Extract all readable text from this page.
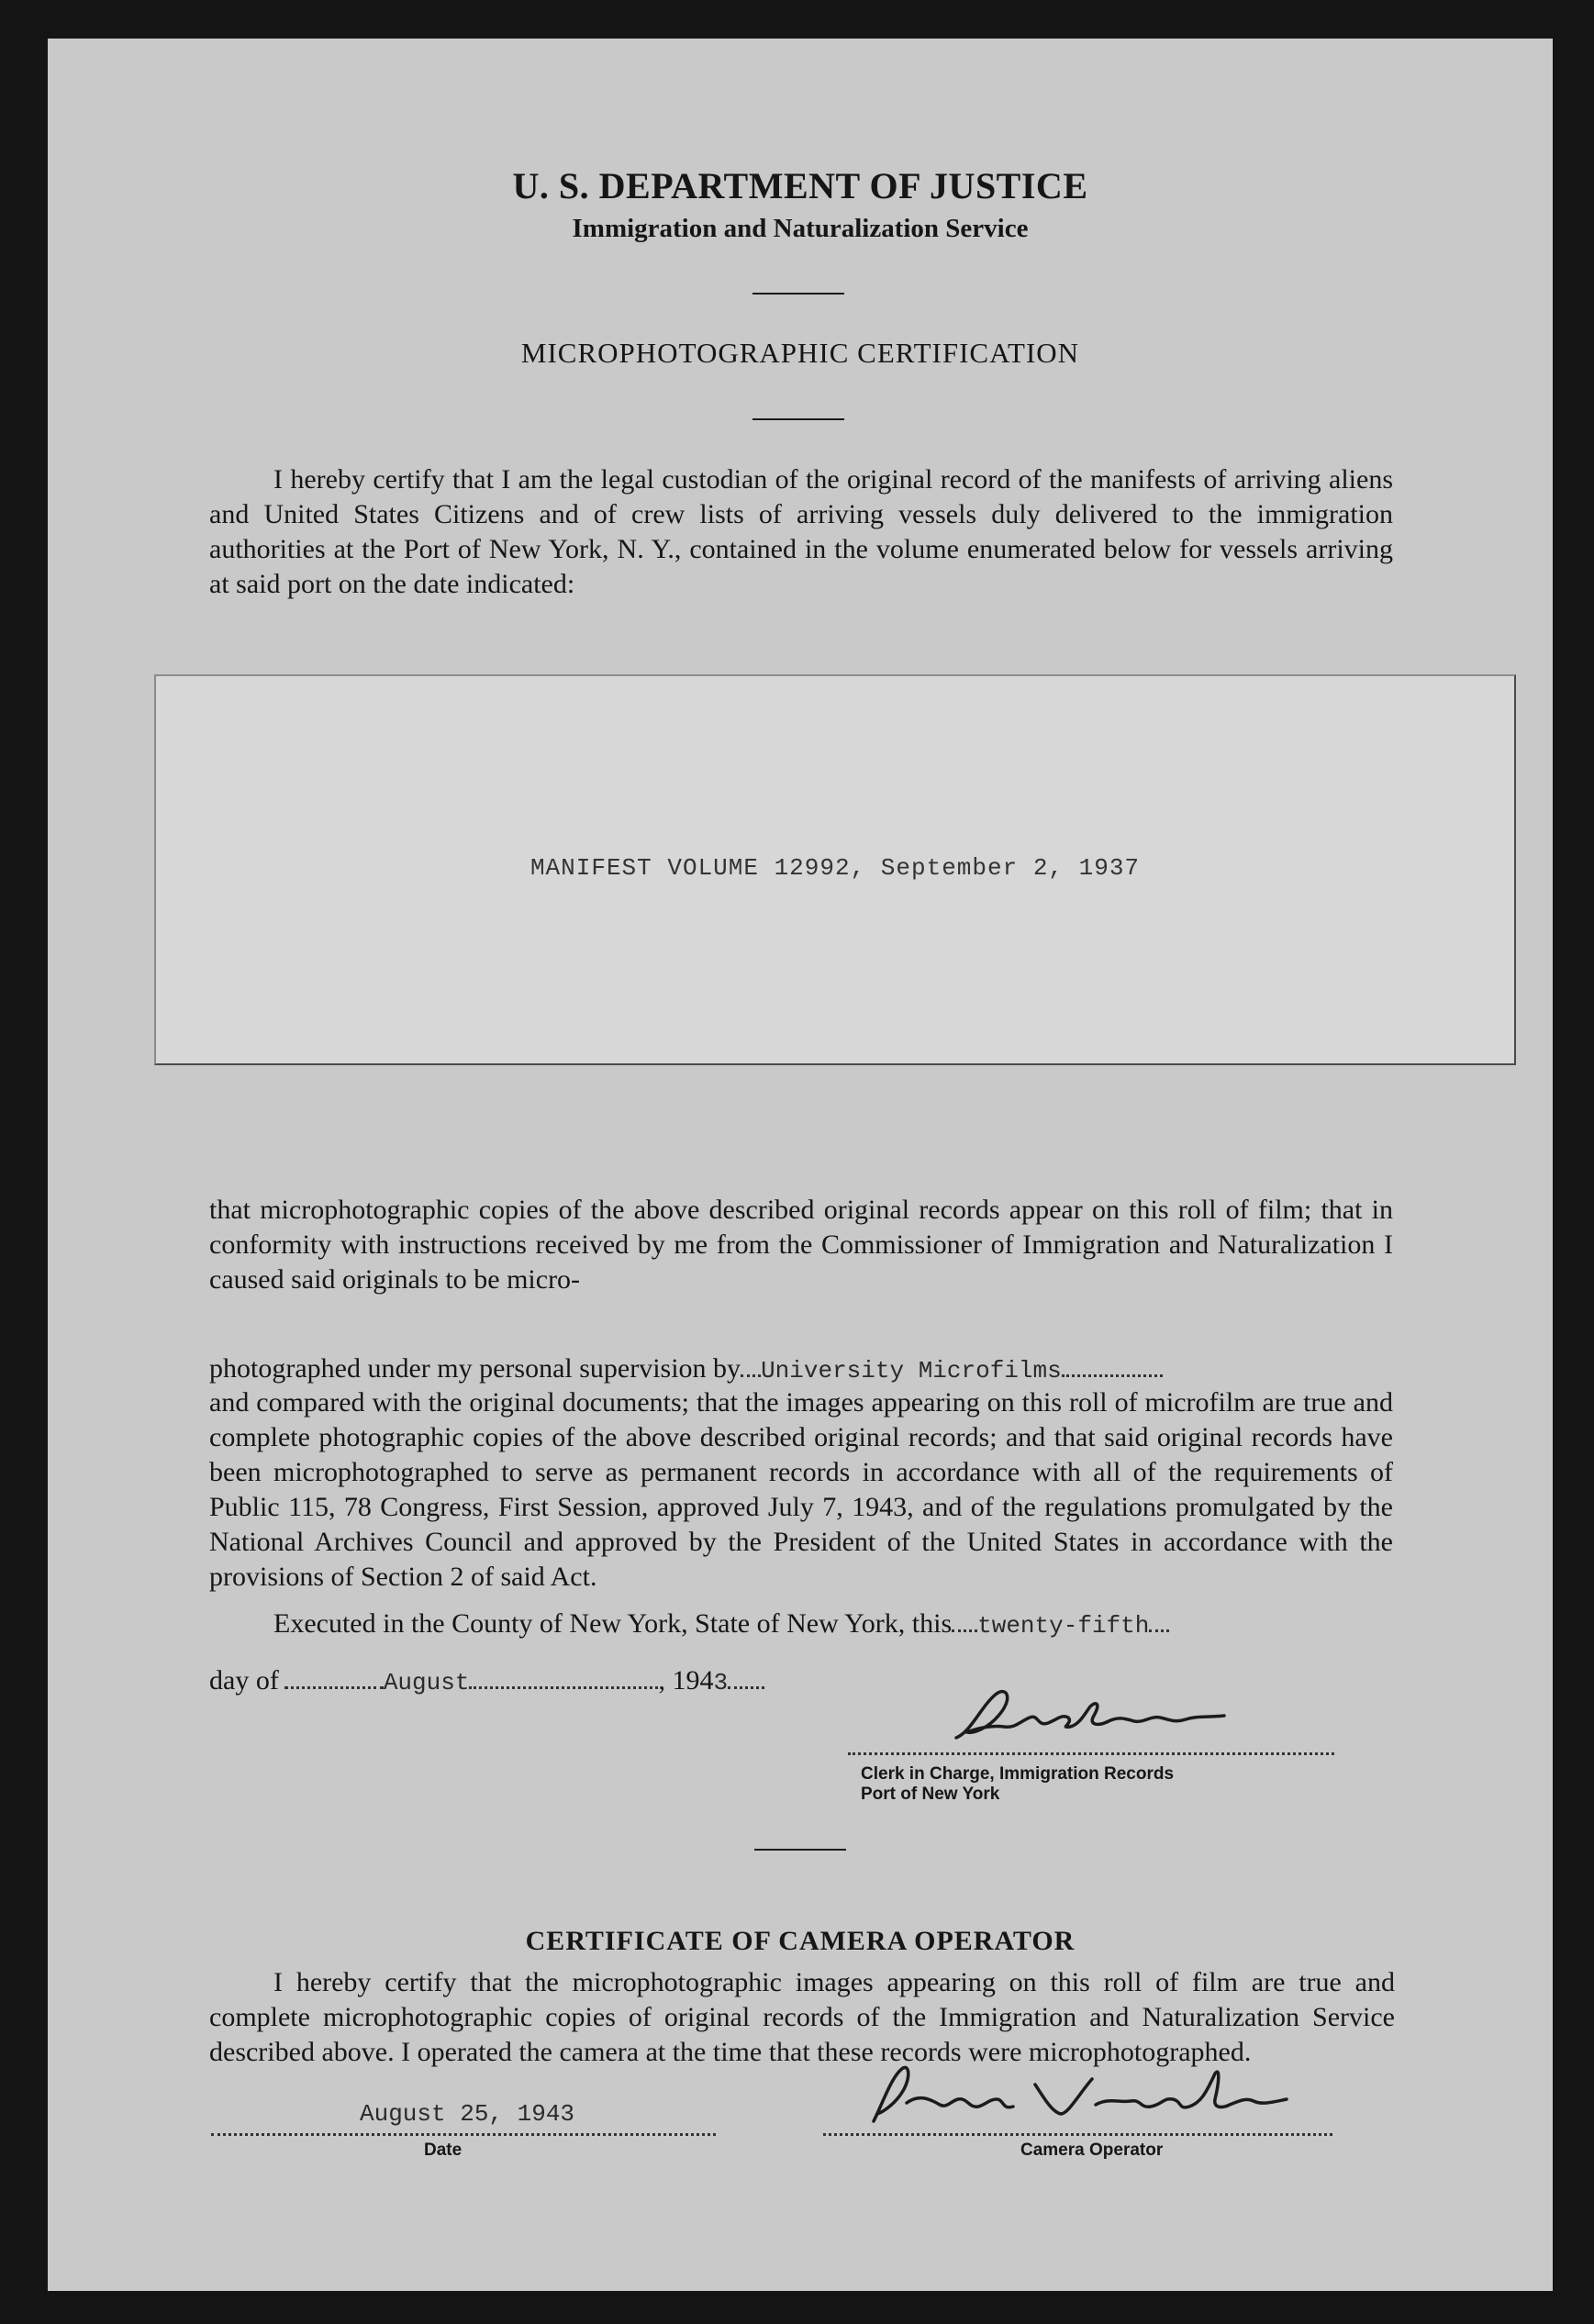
U. S. DEPARTMENT OF JUSTICE
Immigration and Naturalization Service
MICROPHOTOGRAPHIC CERTIFICATION
I hereby certify that I am the legal custodian of the original record of the manifests of arriving aliens and United States Citizens and of crew lists of arriving vessels duly delivered to the immigration authorities at the Port of New York, N. Y., contained in the volume enumerated below for vessels arriving at said port on the date indicated:
MANIFEST VOLUME 12992, September 2, 1937
that microphotographic copies of the above described original records appear on this roll of film; that in conformity with instructions received by me from the Commissioner of Immigration and Naturalization I caused said originals to be micro-
photographed under my personal supervision by University Microfilms
and compared with the original documents; that the images appearing on this roll of microfilm are true and complete photographic copies of the above described original records; and that said original records have been microphotographed to serve as permanent records in accordance with all of the requirements of Public 115, 78 Congress, First Session, approved July 7, 1943, and of the regulations promulgated by the National Archives Council and approved by the President of the United States in accordance with the provisions of Section 2 of said Act.
Executed in the County of New York, State of New York, this twenty-fifth
day of	August	, 1943
Clerk in Charge, Immigration Records
Port of New York
CERTIFICATE OF CAMERA OPERATOR
I hereby certify that the microphotographic images appearing on this roll of film are true and complete microphotographic copies of original records of the Immigration and Naturalization Service described above. I operated the camera at the time that these records were microphotographed.
August 25, 1943
Date	Camera Operator
